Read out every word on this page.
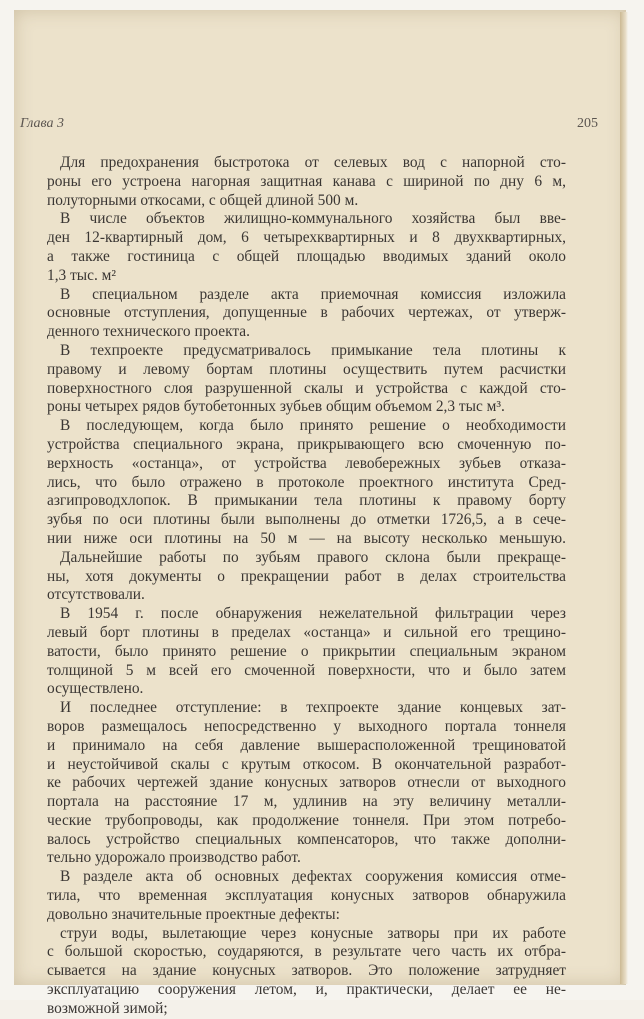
Глава 3	205
Для предохранения быстротока от селевых вод с напорной сто-
роны его устроена нагорная защитная канава с шириной по дну 6 м,
полуторными откосами, с общей длиной 500 м.
В числе объектов жилищно-коммунального хозяйства был вве-
ден 12-квартирный дом, 6 четырехквартирных и 8 двухквартирных,
а также гостиница с общей площадью вводимых зданий около
1,3 тыс. м²
В специальном разделе акта приемочная комиссия изложила
основные отступления, допущенные в рабочих чертежах, от утверж-
денного технического проекта.
В техпроекте предусматривалось примыкание тела плотины к
правому и левому бортам плотины осуществить путем расчистки
поверхностного слоя разрушенной скалы и устройства с каждой сто-
роны четырех рядов бутобетонных зубьев общим объемом 2,3 тыс м³.
В последующем, когда было принято решение о необходимости
устройства специального экрана, прикрывающего всю смоченную по-
верхность «останца», от устройства левобережных зубьев отказа-
лись, что было отражено в протоколе проектного института Сред-
азгипроводхлопок. В примыкании тела плотины к правому борту
зубья по оси плотины были выполнены до отметки 1726,5, а в сече-
нии ниже оси плотины на 50 м — на высоту несколько меньшую.
Дальнейшие работы по зубьям правого склона были прекраще-
ны, хотя документы о прекращении работ в делах строительства
отсутствовали.
В 1954 г. после обнаружения нежелательной фильтрации через
левый борт плотины в пределах «останца» и сильной его трещино-
ватости, было принято решение о прикрытии специальным экраном
толщиной 5 м всей его смоченной поверхности, что и было затем
осуществлено.
И последнее отступление: в техпроекте здание концевых зат-
воров размещалось непосредственно у выходного портала тоннеля
и принимало на себя давление вышерасположенной трещиноватой
и неустойчивой скалы с крутым откосом. В окончательной разработ-
ке рабочих чертежей здание конусных затворов отнесли от выходного
портала на расстояние 17 м, удлинив на эту величину металли-
ческие трубопроводы, как продолжение тоннеля. При этом потребо-
валось устройство специальных компенсаторов, что также дополни-
тельно удорожало производство работ.
В разделе акта об основных дефектах сооружения комиссия отме-
тила, что временная эксплуатация конусных затворов обнаружила
довольно значительные проектные дефекты:
струи воды, вылетающие через конусные затворы при их работе
с большой скоростью, соударяются, в результате чего часть их отбра-
сывается на здание конусных затворов. Это положение затрудняет
эксплуатацию сооружения летом, и, практически, делает ее не-
возможной зимой;
